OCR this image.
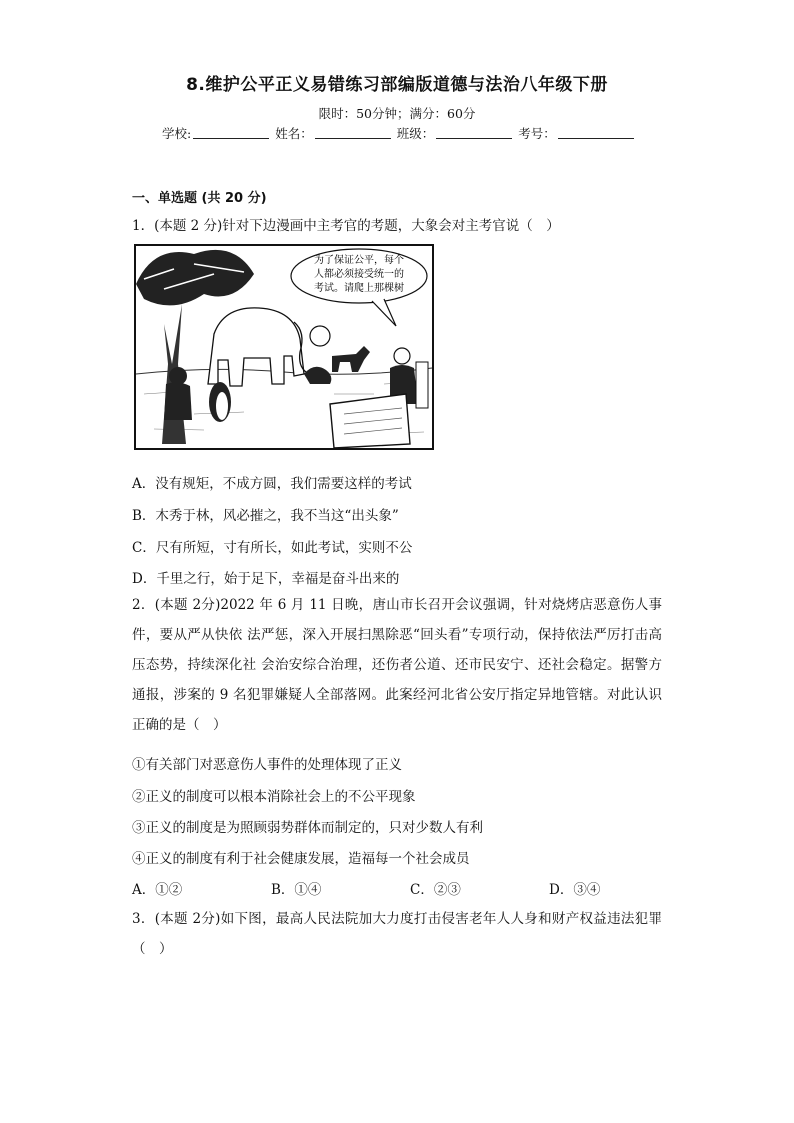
8.维护公平正义易错练习部编版道德与法治八年级下册
限时：50分钟；满分：60分
学校:	姓名：	班级：	考号：
一、单选题 (共 20 分)
1．(本题 2 分)针对下边漫画中主考官的考题，大象会对主考官说（　）
为了保证公平，每个
人都必须接受统一的
考试。请爬上那棵树
A．没有规矩，不成方圆，我们需要这样的考试
B．木秀于林，风必摧之，我不当这“出头象”
C．尺有所短，寸有所长，如此考试，实则不公
D．千里之行，始于足下，幸福是奋斗出来的
2．(本题 2分)2022 年 6 月 11 日晚，唐山市长召开会议强调，针对烧烤店恶意伤人事件，要从严从快依 法严惩，深入开展扫黑除恶“回头看”专项行动，保持依法严厉打击高压态势，持续深化社 会治安综合治理，还伤者公道、还市民安宁、还社会稳定。据警方通报，涉案的 9 名犯罪嫌疑人全部落网。此案经河北省公安厅指定异地管辖。对此认识正确的是（　）
①有关部门对恶意伤人事件的处理体现了正义
②正义的制度可以根本消除社会上的不公平现象
③正义的制度是为照顾弱势群体而制定的，只对少数人有利
④正义的制度有利于社会健康发展，造福每一个社会成员
A．①②	B．①④	C．②③	D．③④
3．(本题 2分)如下图，最高人民法院加大力度打击侵害老年人人身和财产权益违法犯罪（　）
